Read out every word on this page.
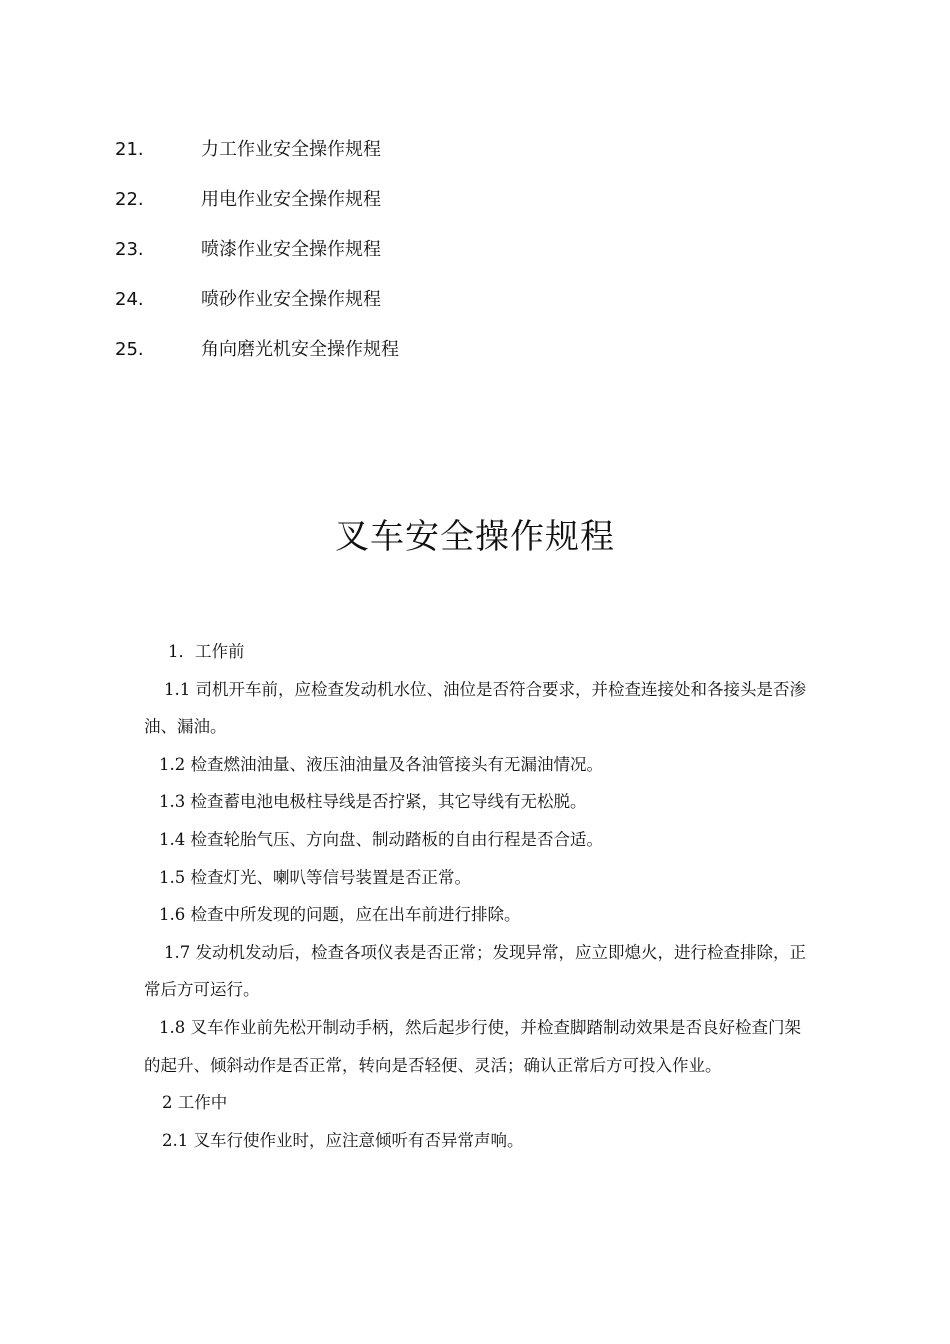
21.	力工作业安全操作规程
22.	用电作业安全操作规程
23.	喷漆作业安全操作规程
24.	喷砂作业安全操作规程
25.	角向磨光机安全操作规程
叉车安全操作规程

1．工作前

1.1 司机开车前，应检查发动机水位、油位是否符合要求，并检查连接处和各接头是否渗油、漏油。

1.2 检查燃油油量、液压油油量及各油管接头有无漏油情况。

1.3 检查蓄电池电极柱导线是否拧紧，其它导线有无松脱。

1.4 检查轮胎气压、方向盘、制动踏板的自由行程是否合适。

1.5 检查灯光、喇叭等信号装置是否正常。

1.6 检查中所发现的问题，应在出车前进行排除。

1.7 发动机发动后，检查各项仪表是否正常；发现异常，应立即熄火，进行检查排除，正常后方可运行。

1.8 叉车作业前先松开制动手柄，然后起步行使，并检查脚踏制动效果是否良好检查门架的起升、倾斜动作是否正常，转向是否轻便、灵活；确认正常后方可投入作业。

2 工作中

2.1 叉车行使作业时，应注意倾听有否异常声响。
